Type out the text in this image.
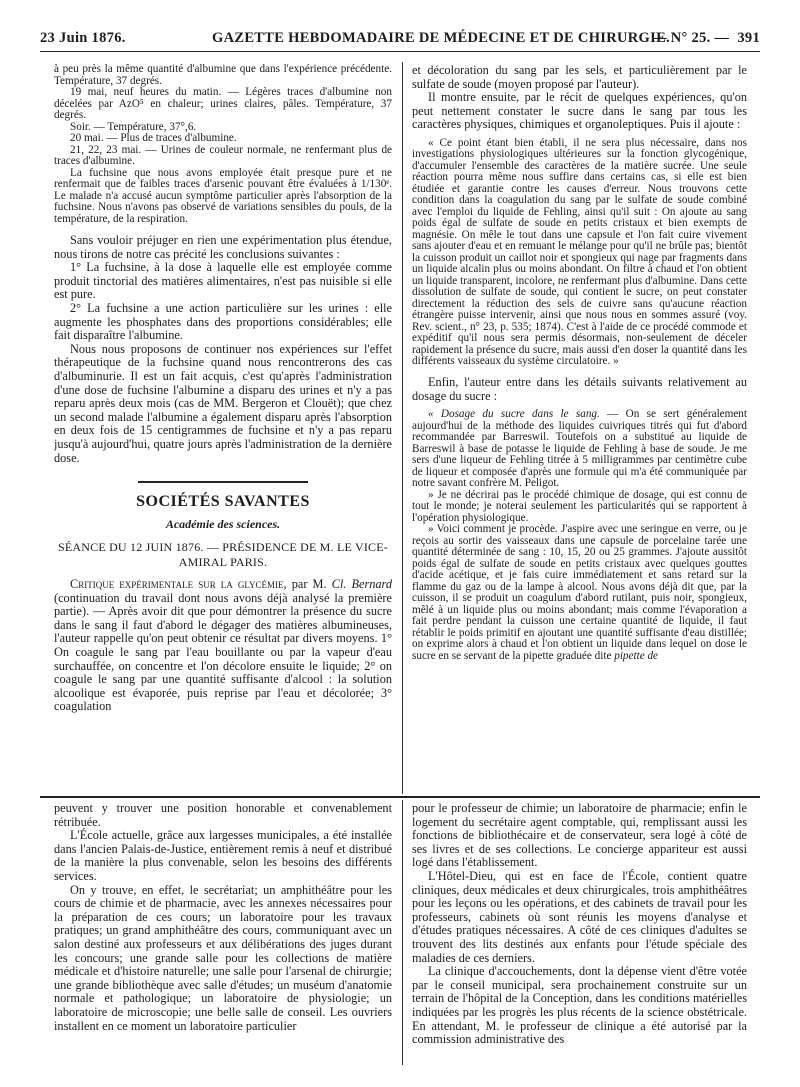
23 Juin 1876.	GAZETTE HEBDOMADAIRE DE MÉDECINE ET DE CHIRURGIE.
— N° 25. — 391

à peu près la même quantité d'albumine que dans l'expérience précédente. Température, 37 degrés.

19 mai, neuf heures du matin. — Légères traces d'albumine non décelées par AzO⁵ en chaleur; urines claires, pâles. Température, 37 degrés.

Soir. — Température, 37°,6.

20 mai. — Plus de traces d'albumine.

21, 22, 23 mai. — Urines de couleur normale, ne renfermant plus de traces d'albumine.

La fuchsine que nous avons employée était presque pure et ne renfermait que de faibles traces d'arsenic pouvant être évaluées à 1/130ᵉ. Le malade n'a accusé aucun symptôme particulier après l'absorption de la fuchsine. Nous n'avons pas observé de variations sensibles du pouls, de la température, de la respiration.

Sans vouloir préjuger en rien une expérimentation plus étendue, nous tirons de notre cas précité les conclusions suivantes :

1° La fuchsine, à la dose à laquelle elle est employée comme produit tinctorial des matières alimentaires, n'est pas nuisible si elle est pure.

2° La fuchsine a une action particulière sur les urines : elle augmente les phosphates dans des proportions considérables; elle fait disparaître l'albumine.

Nous nous proposons de continuer nos expériences sur l'effet thérapeutique de la fuchsine quand nous rencontrerons des cas d'albuminurie. Il est un fait acquis, c'est qu'après l'administration d'une dose de fuchsine l'albumine a disparu des urines et n'y a pas reparu après deux mois (cas de MM. Bergeron et Clouët); que chez un second malade l'albumine a également disparu après l'absorption en deux fois de 15 centigrammes de fuchsine et n'y a pas reparu jusqu'à aujourd'hui, quatre jours après l'administration de la dernière dose.

SOCIÉTÉS SAVANTES
Académie des sciences.
SÉANCE DU 12 JUIN 1876. — PRÉSIDENCE DE M. LE VICE-AMIRAL PARIS.

Critique expérimentale sur la glycémie, par M. Cl. Bernard (continuation du travail dont nous avons déjà analysé la première partie). — Après avoir dit que pour démontrer la présence du sucre dans le sang il faut d'abord le dégager des matières albumineuses, l'auteur rappelle qu'on peut obtenir ce résultat par divers moyens. 1° On coagule le sang par l'eau bouillante ou par la vapeur d'eau surchauffée, on concentre et l'on décolore ensuite le liquide; 2° on coagule le sang par une quantité suffisante d'alcool : la solution alcoolique est évaporée, puis reprise par l'eau et décolorée; 3° coagulation

et décoloration du sang par les sels, et particulièrement par le sulfate de soude (moyen proposé par l'auteur).

Il montre ensuite, par le récit de quelques expériences, qu'on peut nettement constater le sucre dans le sang par tous les caractères physiques, chimiques et organoleptiques. Puis il ajoute :

« Ce point étant bien établi, il ne sera plus nécessaire, dans nos investigations physiologiques ultérieures sur la fonction glycogénique, d'accumuler l'ensemble des caractères de la matière sucrée. Une seule réaction pourra même nous suffire dans certains cas, si elle est bien étudiée et garantie contre les causes d'erreur. Nous trouvons cette condition dans la coagulation du sang par le sulfate de soude combiné avec l'emploi du liquide de Fehling, ainsi qu'il suit : On ajoute au sang poids égal de sulfate de soude en petits cristaux et bien exempts de magnésie. On mêle le tout dans une capsule et l'on fait cuire vivement sans ajouter d'eau et en remuant le mélange pour qu'il ne brûle pas; bientôt la cuisson produit un caillot noir et spongieux qui nage par fragments dans un liquide alcalin plus ou moins abondant. On filtre à chaud et l'on obtient un liquide transparent, incolore, ne renfermant plus d'albumine. Dans cette dissolution de sulfate de soude, qui contient le sucre, on peut constater directement la réduction des sels de cuivre sans qu'aucune réaction étrangère puisse intervenir, ainsi que nous nous en sommes assuré (voy. Rev. scient., n° 23, p. 535; 1874). C'est à l'aide de ce procédé commode et expéditif qu'il nous sera permis désormais, non-seulement de déceler rapidement la présence du sucre, mais aussi d'en doser la quantité dans les différents vaisseaux du système circulatoire. »

Enfin, l'auteur entre dans les détails suivants relativement au dosage du sucre :

« Dosage du sucre dans le sang. — On se sert généralement aujourd'hui de la méthode des liquides cuivriques titrés qui fut d'abord recommandée par Barreswil. Toutefois on a substitué au liquide de Barreswil à base de potasse le liquide de Fehling à base de soude. Je me sers d'une liqueur de Fehling titrée à 5 milligrammes par centimètre cube de liqueur et composée d'après une formule qui m'a été communiquée par notre savant confrère M. Peligot.

» Je ne décrirai pas le procédé chimique de dosage, qui est connu de tout le monde; je noterai seulement les particularités qui se rapportent à l'opération physiologique.

» Voici comment je procède. J'aspire avec une seringue en verre, ou je reçois au sortir des vaisseaux dans une capsule de porcelaine tarée une quantité déterminée de sang : 10, 15, 20 ou 25 grammes. J'ajoute aussitôt poids égal de sulfate de soude en petits cristaux avec quelques gouttes d'acide acétique, et je fais cuire immédiatement et sans retard sur la flamme du gaz ou de la lampe à alcool. Nous avons déjà dit que, par la cuisson, il se produit un coagulum d'abord rutilant, puis noir, spongieux, mêlé à un liquide plus ou moins abondant; mais comme l'évaporation a fait perdre pendant la cuisson une certaine quantité de liquide, il faut rétablir le poids primitif en ajoutant une quantité suffisante d'eau distillée; on exprime alors à chaud et l'on obtient un liquide dans lequel on dose le sucre en se servant de la pipette graduée dite pipette de

peuvent y trouver une position honorable et convenablement rétribuée.

L'École actuelle, grâce aux largesses municipales, a été installée dans l'ancien Palais-de-Justice, entièrement remis à neuf et distribué de la manière la plus convenable, selon les besoins des différents services.

On y trouve, en effet, le secrétariat; un amphithéâtre pour les cours de chimie et de pharmacie, avec les annexes nécessaires pour la préparation de ces cours; un laboratoire pour les travaux pratiques; un grand amphithéâtre des cours, communiquant avec un salon destiné aux professeurs et aux délibérations des juges durant les concours; une grande salle pour les collections de matière médicale et d'histoire naturelle; une salle pour l'arsenal de chirurgie; une grande bibliothèque avec salle d'études; un muséum d'anatomie normale et pathologique; un laboratoire de physiologie; un laboratoire de microscopie; une belle salle de conseil. Les ouvriers installent en ce moment un laboratoire particulier

pour le professeur de chimie; un laboratoire de pharmacie; enfin le logement du secrétaire agent comptable, qui, remplissant aussi les fonctions de bibliothécaire et de conservateur, sera logé à côté de ses livres et de ses collections. Le concierge appariteur est aussi logé dans l'établissement.

L'Hôtel-Dieu, qui est en face de l'École, contient quatre cliniques, deux médicales et deux chirurgicales, trois amphithéâtres pour les leçons ou les opérations, et des cabinets de travail pour les professeurs, cabinets où sont réunis les moyens d'analyse et d'études pratiques nécessaires. A côté de ces cliniques d'adultes se trouvent des lits destinés aux enfants pour l'étude spéciale des maladies de ces derniers.

La clinique d'accouchements, dont la dépense vient d'être votée par le conseil municipal, sera prochainement construite sur un terrain de l'hôpital de la Conception, dans les conditions matérielles indiquées par les progrès les plus récents de la science obstétricale. En attendant, M. le professeur de clinique a été autorisé par la commission administrative des
